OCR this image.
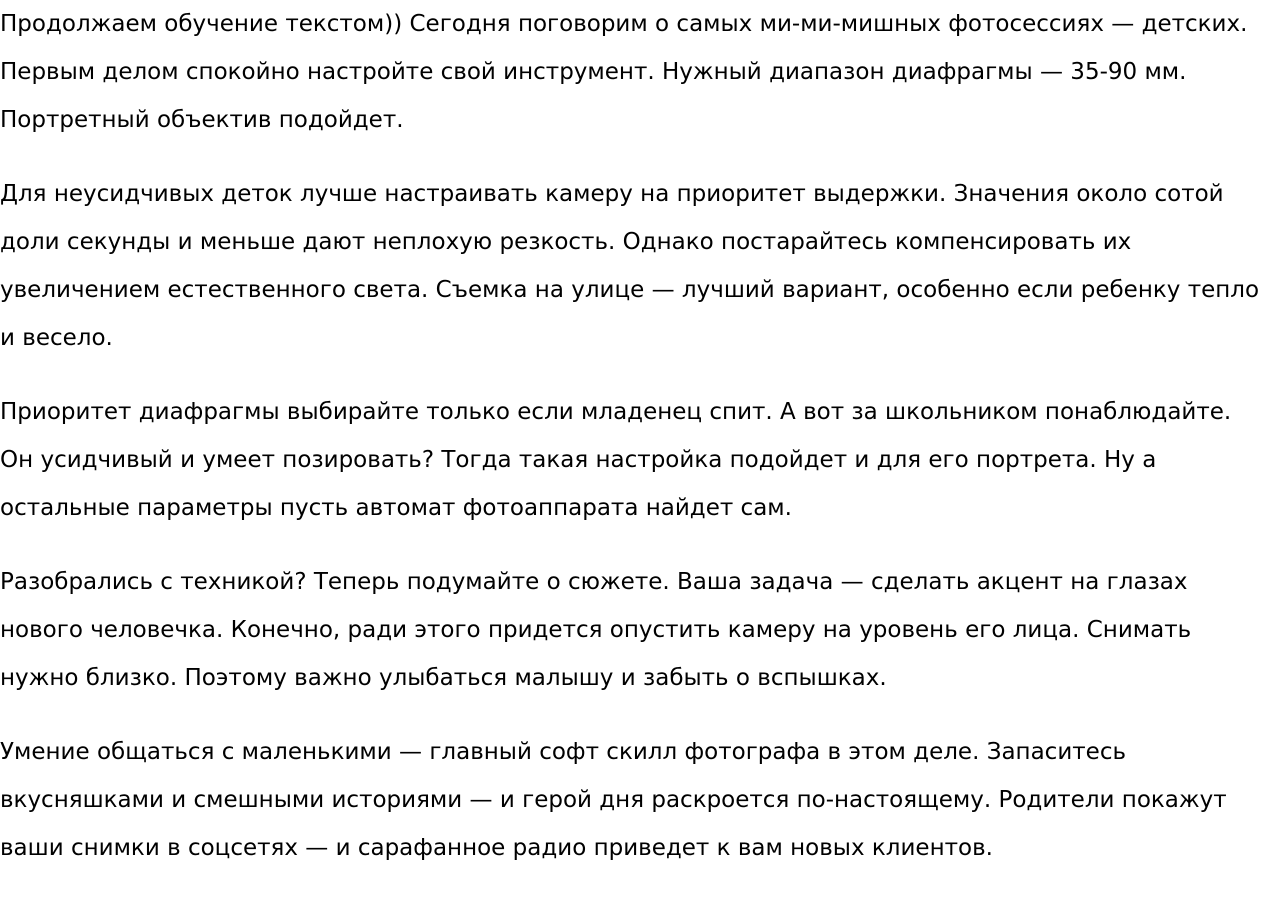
Продолжаем обучение текстом)) Сегодня поговорим о самых ми-ми-мишных фотосессиях — детских. Первым делом спокойно настройте свой инструмент. Нужный диапазон диафрагмы — 35-90 мм. Портретный объектив подойдет.

Для неусидчивых деток лучше настраивать камеру на приоритет выдержки. Значения около сотой доли секунды и меньше дают неплохую резкость. Однако постарайтесь компенсировать их увеличением естественного света. Съемка на улице — лучший вариант, особенно если ребенку тепло и весело.

Приоритет диафрагмы выбирайте только если младенец спит. А вот за школьником понаблюдайте. Он усидчивый и умеет позировать? Тогда такая настройка подойдет и для его портрета. Ну а остальные параметры пусть автомат фотоаппарата найдет сам.

Разобрались с техникой? Теперь подумайте о сюжете. Ваша задача — сделать акцент на глазах нового человечка. Конечно, ради этого придется опустить камеру на уровень его лица. Снимать нужно близко. Поэтому важно улыбаться малышу и забыть о вспышках.

Умение общаться с маленькими — главный софт скилл фотографа в этом деле. Запаситесь вкусняшками и смешными историями — и герой дня раскроется по-настоящему. Родители покажут ваши снимки в соцсетях — и сарафанное радио приведет к вам новых клиентов.
